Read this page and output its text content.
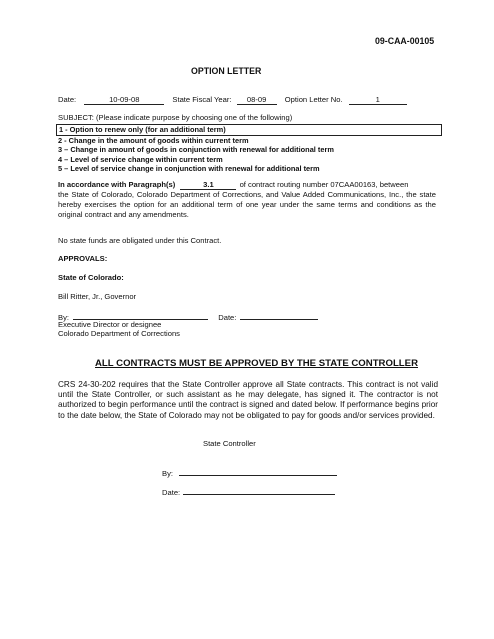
09-CAA-00105
OPTION LETTER
Date:	10-09-08	State Fiscal Year: 08-09 Option Letter No.	1
SUBJECT: (Please indicate purpose by choosing one of the following)
1 - Option to renew only (for an additional term)
2 - Change in the amount of goods within current term
3 – Change in amount of goods in conjunction with renewal for additional term
4 – Level of service change within current term
5 – Level of service change in conjunction with renewal for additional term
In accordance with Paragraph(s)	3.1	of contract routing number 07CAA00163, between
the State of Colorado, Colorado Department of Corrections, and Value Added Communications, Inc., the state hereby exercises the option for an additional term of one year under the same terms and conditions as the original contract and any amendments.
No state funds are obligated under this Contract.
APPROVALS:
State of Colorado:
Bill Ritter, Jr., Governor
By:	Date:
Executive Director or designee
Colorado Department of Corrections
ALL CONTRACTS MUST BE APPROVED BY THE STATE CONTROLLER
CRS 24-30-202 requires that the State Controller approve all State contracts. This contract is not valid until the State Controller, or such assistant as he may delegate, has signed it. The contractor is not authorized to begin performance until the contract is signed and dated below. If performance begins prior to the date below, the State of Colorado may not be obligated to pay for goods and/or services provided.
State Controller
By:
Date:
